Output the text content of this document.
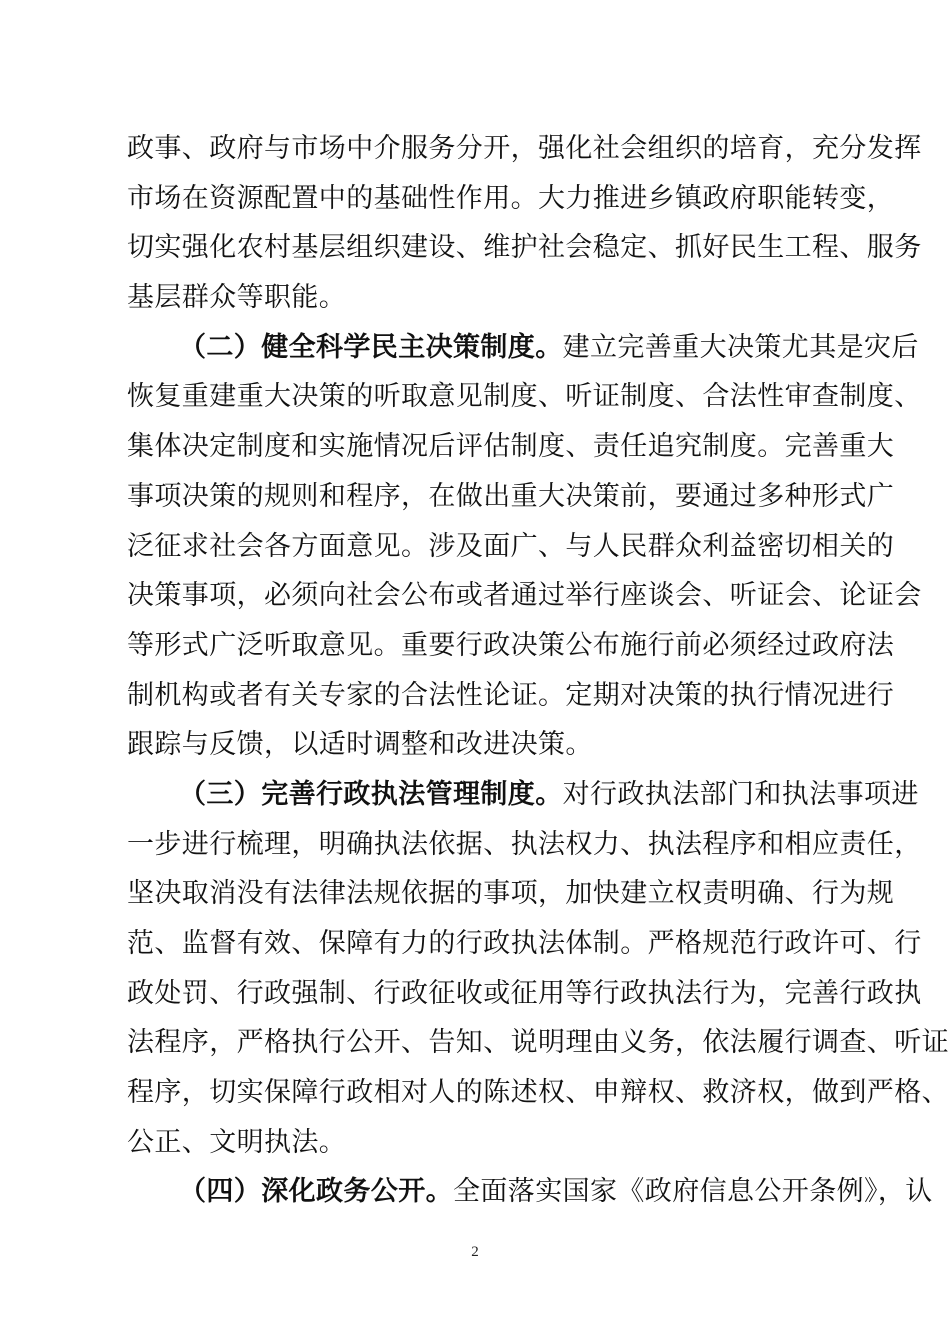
政事、政府与市场中介服务分开，强化社会组织的培育，充分发挥
市场在资源配置中的基础性作用。大力推进乡镇政府职能转变，
切实强化农村基层组织建设、维护社会稳定、抓好民生工程、服务
基层群众等职能。
（二）健全科学民主决策制度。建立完善重大决策尤其是灾后
恢复重建重大决策的听取意见制度、听证制度、合法性审查制度、
集体决定制度和实施情况后评估制度、责任追究制度。完善重大
事项决策的规则和程序，在做出重大决策前，要通过多种形式广
泛征求社会各方面意见。涉及面广、与人民群众利益密切相关的
决策事项，必须向社会公布或者通过举行座谈会、听证会、论证会
等形式广泛听取意见。重要行政决策公布施行前必须经过政府法
制机构或者有关专家的合法性论证。定期对决策的执行情况进行
跟踪与反馈，以适时调整和改进决策。
（三）完善行政执法管理制度。对行政执法部门和执法事项进
一步进行梳理，明确执法依据、执法权力、执法程序和相应责任，
坚决取消没有法律法规依据的事项，加快建立权责明确、行为规
范、监督有效、保障有力的行政执法体制。严格规范行政许可、行
政处罚、行政强制、行政征收或征用等行政执法行为，完善行政执
法程序，严格执行公开、告知、说明理由义务，依法履行调查、听证
程序，切实保障行政相对人的陈述权、申辩权、救济权，做到严格、
公正、文明执法。
（四）深化政务公开。全面落实国家《政府信息公开条例》，认
2
